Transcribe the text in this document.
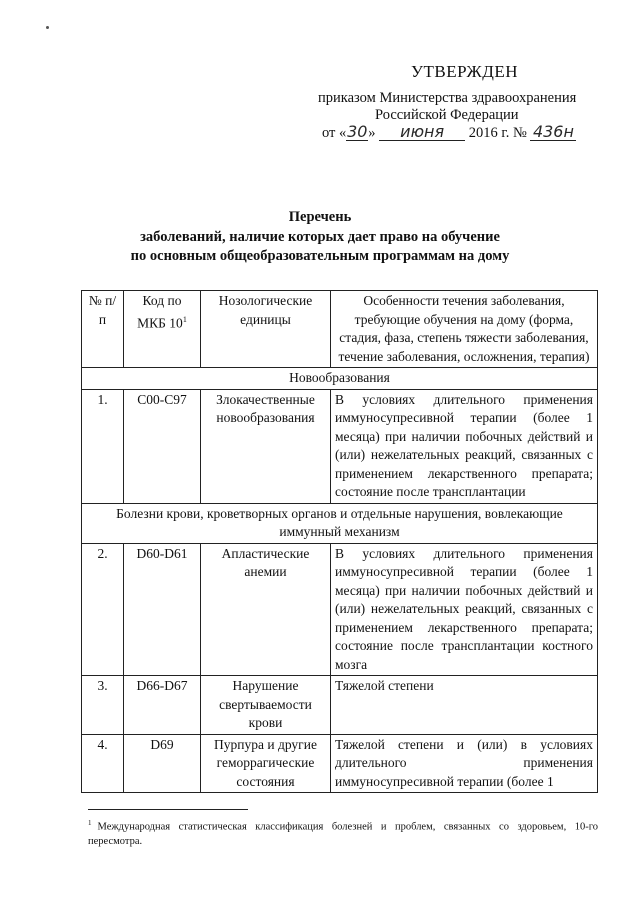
УТВЕРЖДЕН
приказом Министерства здравоохранения
Российской Федерации
от «30» июня 2016 г. № 436н
Перечень
заболеваний, наличие которых дает право на обучение
по основным общеобразовательным программам на дому
№ п/п	Код по МКБ $10^1$	Нозологические единицы	Особенности течения заболевания, требующие обучения на дому (форма, стадия, фаза, степень тяжести заболевания, течение заболевания, осложнения, терапия)
Новообразования			
1.	С00-С97	Злокачественные новообразования	В условиях длительного применения иммуносупресивной терапии (более 1 месяца) при наличии побочных действий и (или) нежелательных реакций, связанных с применением лекарственного препарата; состояние после трансплантации
Болезни крови, кроветворных органов и отдельные нарушения, вовлекающие иммунный механизм			
2.	D60-D61	Апластические анемии	В условиях длительного применения иммуносупресивной терапии (более 1 месяца) при наличии побочных действий и (или) нежелательных реакций, связанных с применением лекарственного препарата; состояние после трансплантации костного мозга
3.	D66-D67	Нарушение свертываемости крови	Тяжелой степени
4.	D69	Пурпура и другие геморрагические состояния	Тяжелой степени и (или) в условиях длительного применения иммуносупресивной терапии (более 1
$^1$ Международная статистическая классификация болезней и проблем, связанных со здоровьем, 10-го пересмотра.
